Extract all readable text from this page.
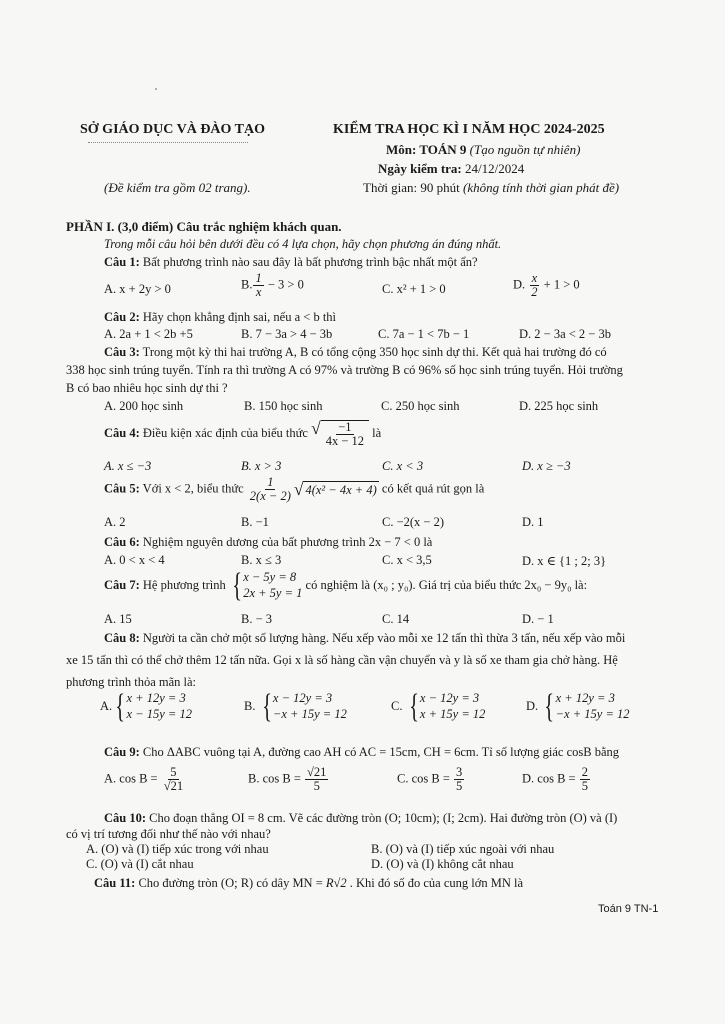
SỞ GIÁO DỤC VÀ ĐÀO TẠO	KIỂM TRA HỌC KÌ I NĂM HỌC 2024-2025
Môn: TOÁN 9 (Tạo nguồn tự nhiên)
Ngày kiểm tra: 24/12/2024
(Đề kiểm tra gồm 02 trang).	Thời gian: 90 phút (không tính thời gian phát đề)
PHẦN I. (3,0 điểm) Câu trắc nghiệm khách quan.
Trong mỗi câu hỏi bên dưới đều có 4 lựa chọn, hãy chọn phương án đúng nhất.
Câu 1: Bất phương trình nào sau đây là bất phương trình bậc nhất một ẩn?
A. x + 2y > 0	B. $\frac{1}{x} - 3 > 0$	C. x² + 1 > 0	D. $\frac{x}{2} + 1 > 0$
Câu 2: Hãy chọn khẳng định sai, nếu a < b thì
A. 2a + 1 < 2b +5	B. 7 − 3a > 4 − 3b	C. 7a − 1 < 7b − 1	D. 2 − 3a < 2 − 3b
Câu 3: Trong một kỳ thi hai trường A, B có tổng cộng 350 học sinh dự thi. Kết quả hai trường đó có
338 học sinh trúng tuyển. Tính ra thì trường A có 97% và trường B có 96% số học sinh trúng tuyển. Hỏi trường
B có bao nhiêu học sinh dự thi ?
A. 200 học sinh	B. 150 học sinh	C. 250 học sinh	D. 225 học sinh
Câu 4: Điều kiện xác định của biểu thức √ $\frac{-1}{4x - 12}$ là
A. x ≤ −3	B. x > 3	C. x < 3	D. x ≥ −3
Câu 5: Với x < 2, biểu thức $\frac{1}{2(x - 2)}$ √ 4(x² − 4x + 4) có kết quả rút gọn là
A. 2	B. −1	C. −2(x − 2)	D. 1
Câu 6: Nghiệm nguyên dương của bất phương trình 2x − 7 < 0 là
A. 0 < x < 4	B. x ≤ 3	C. x < 3,5	D. x ∈ {1 ; 2; 3}
Câu 7: Hệ phương trình { x − 5y = 8
2x + 5y = 1
có nghiệm là (x₀ ; y₀). Giá trị của biểu thức 2x₀ − 9y₀ là:
A. 15	B. − 3	C. 14	D. − 1
Câu 8: Người ta cần chở một số lượng hàng. Nếu xếp vào mỗi xe 12 tấn thì thừa 3 tấn, nếu xếp vào mỗi
xe 15 tấn thì có thể chở thêm 12 tấn nữa. Gọi x là số hàng cần vận chuyển và y là số xe tham gia chở hàng. Hệ
phương trình thỏa mãn là:
A. { x + 12y = 3
x − 15y = 12
B. { x − 12y = 3
−x + 15y = 12
C. { x − 12y = 3
x + 15y = 12
D. { x + 12y = 3
−x + 15y = 12
Câu 9: Cho ΔABC vuông tại A, đường cao AH có AC = 15cm, CH = 6cm. Tỉ số lượng giác cosB bằng
A. $\cos B = \frac{5}{√21}$	B. $\cos B = \frac{√21}{5}$	C. $\cos B = \frac{3}{5}$	D. $\cos B = \frac{2}{5}$
Câu 10: Cho đoạn thẳng OI = 8 cm. Vẽ các đường tròn (O; 10cm); (I; 2cm). Hai đường tròn (O) và (I)
có vị trí tương đối như thế nào với nhau?
A. (O) và (I) tiếp xúc trong với nhau	B. (O) và (I) tiếp xúc ngoài với nhau
C. (O) và (I) cắt nhau	D. (O) và (I) không cắt nhau
Câu 11: Cho đường tròn (O; R) có dây MN = R√2 . Khi đó số đo của cung lớn MN là
Toán 9 TN-1
